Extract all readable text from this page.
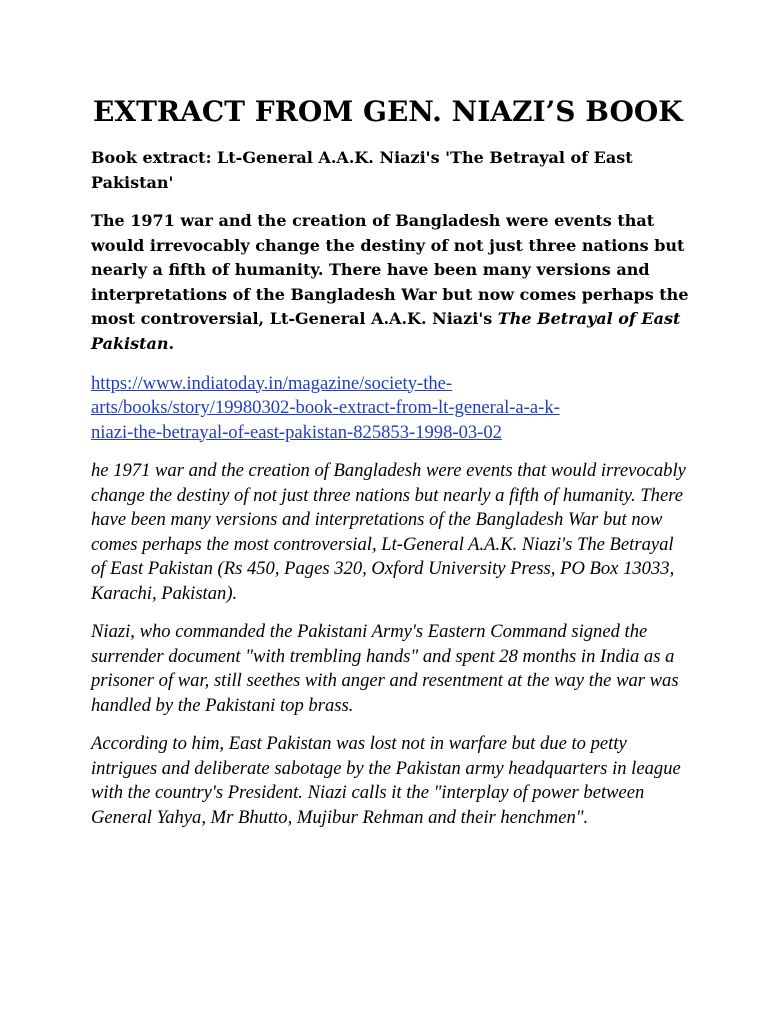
EXTRACT FROM GEN. NIAZI’S BOOK

Book extract: Lt-General A.A.K. Niazi's 'The Betrayal of East Pakistan'

The 1971 war and the creation of Bangladesh were events that would irrevocably change the destiny of not just three nations but nearly a fifth of humanity. There have been many versions and interpretations of the Bangladesh War but now comes perhaps the most controversial, Lt-General A.A.K. Niazi's The Betrayal of East Pakistan.

https://www.indiatoday.in/magazine/society-the-
arts/books/story/19980302-book-extract-from-lt-general-a-a-k-
niazi-the-betrayal-of-east-pakistan-825853-1998-03-02

he 1971 war and the creation of Bangladesh were events that would irrevocably change the destiny of not just three nations but nearly a fifth of humanity. There have been many versions and interpretations of the Bangladesh War but now comes perhaps the most controversial, Lt-General A.A.K. Niazi's The Betrayal of East Pakistan (Rs 450, Pages 320, Oxford University Press, PO Box 13033, Karachi, Pakistan).

Niazi, who commanded the Pakistani Army's Eastern Command signed the surrender document "with trembling hands" and spent 28 months in India as a prisoner of war, still seethes with anger and resentment at the way the war was handled by the Pakistani top brass.

According to him, East Pakistan was lost not in warfare but due to petty intrigues and deliberate sabotage by the Pakistan army headquarters in league with the country's President. Niazi calls it the "interplay of power between General Yahya, Mr Bhutto, Mujibur Rehman and their henchmen".
